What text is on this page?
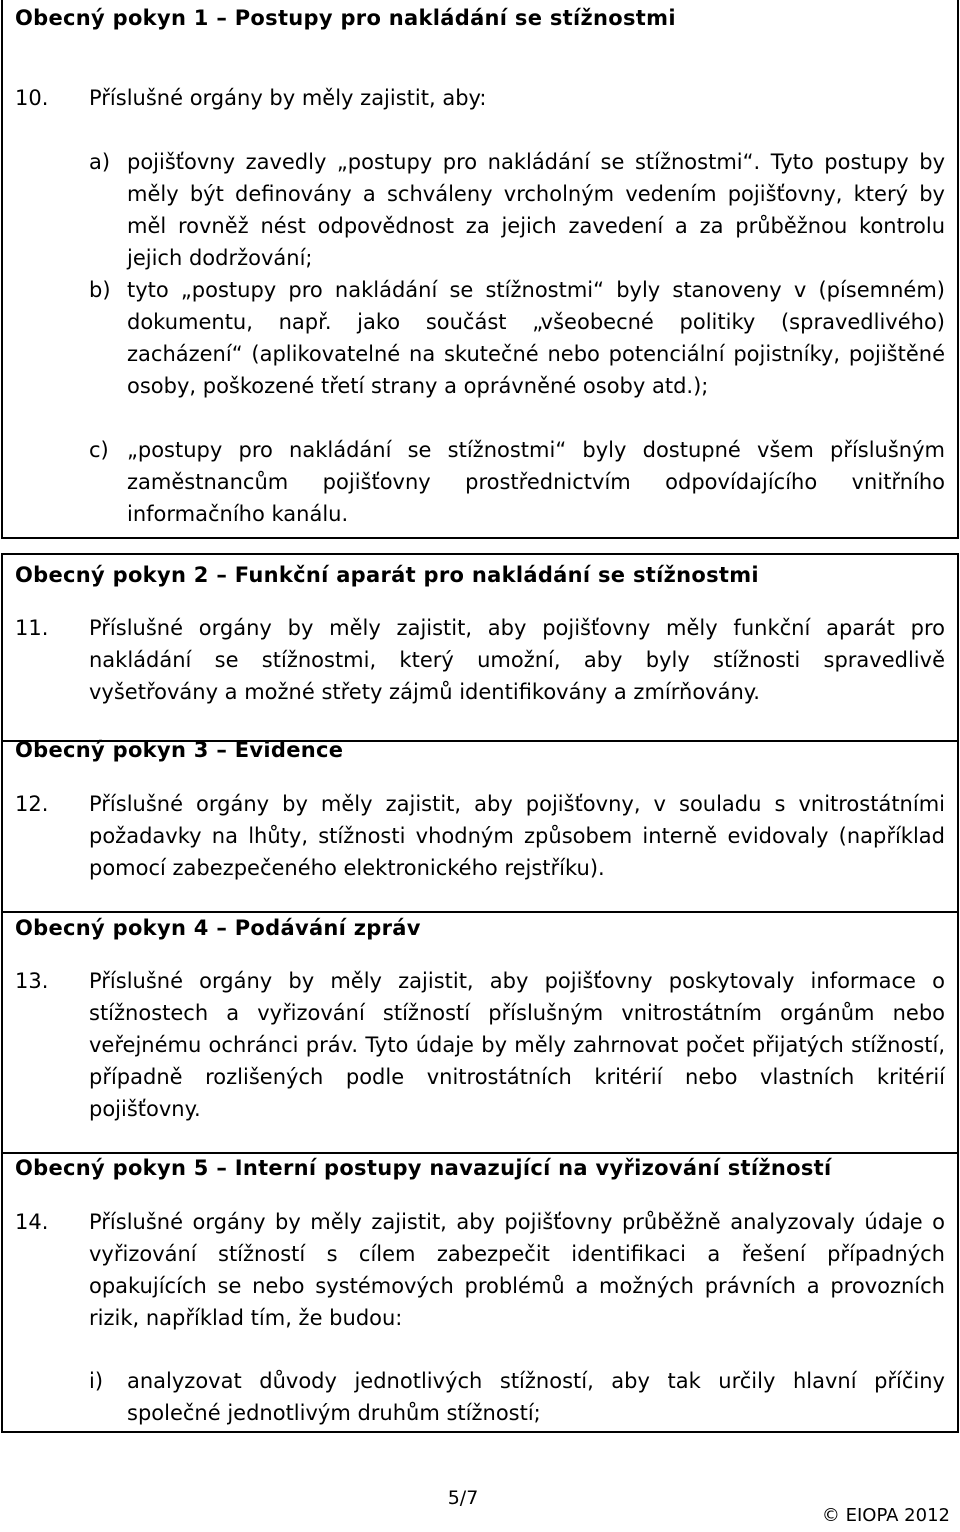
Obecný pokyn 1 – Postupy pro nakládání se stížnostmi
10. Příslušné orgány by měly zajistit, aby:
a) pojišťovny zavedly „postupy pro nakládání se stížnostmi“. Tyto postupy by měly být definovány a schváleny vrcholným vedením pojišťovny, který by měl rovněž nést odpovědnost za jejich zavedení a za průběžnou kontrolu jejich dodržování;
b) tyto „postupy pro nakládání se stížnostmi“ byly stanoveny v (písemném) dokumentu, např. jako součást „všeobecné politiky (spravedlivého) zacházení“ (aplikovatelné na skutečné nebo potenciální pojistníky, pojištěné osoby, poškozené třetí strany a oprávněné osoby atd.);
c) „postupy pro nakládání se stížnostmi“ byly dostupné všem příslušným zaměstnancům pojišťovny prostřednictvím odpovídajícího vnitřního informačního kanálu.
Obecný pokyn 2 – Funkční aparát pro nakládání se stížnostmi
11. Příslušné orgány by měly zajistit, aby pojišťovny měly funkční aparát pro nakládání se stížnostmi, který umožní, aby byly stížnosti spravedlivě vyšetřovány a možné střety zájmů identifikovány a zmírňovány.
Obecný pokyn 3 – Evidence
12. Příslušné orgány by měly zajistit, aby pojišťovny, v souladu s vnitrostátními požadavky na lhůty, stížnosti vhodným způsobem interně evidovaly (například pomocí zabezpečeného elektronického rejstříku).
Obecný pokyn 4 – Podávání zpráv
13. Příslušné orgány by měly zajistit, aby pojišťovny poskytovaly informace o stížnostech a vyřizování stížností příslušným vnitrostátním orgánům nebo veřejnému ochránci práv. Tyto údaje by měly zahrnovat počet přijatých stížností, případně rozlišených podle vnitrostátních kritérií nebo vlastních kritérií pojišťovny.
Obecný pokyn 5 – Interní postupy navazující na vyřizování stížností
14. Příslušné orgány by měly zajistit, aby pojišťovny průběžně analyzovaly údaje o vyřizování stížností s cílem zabezpečit identifikaci a řešení případných opakujících se nebo systémových problémů a možných právních a provozních rizik, například tím, že budou:
i) analyzovat důvody jednotlivých stížností, aby tak určily hlavní příčiny společné jednotlivým druhům stížností;
5/7
© EIOPA 2012
